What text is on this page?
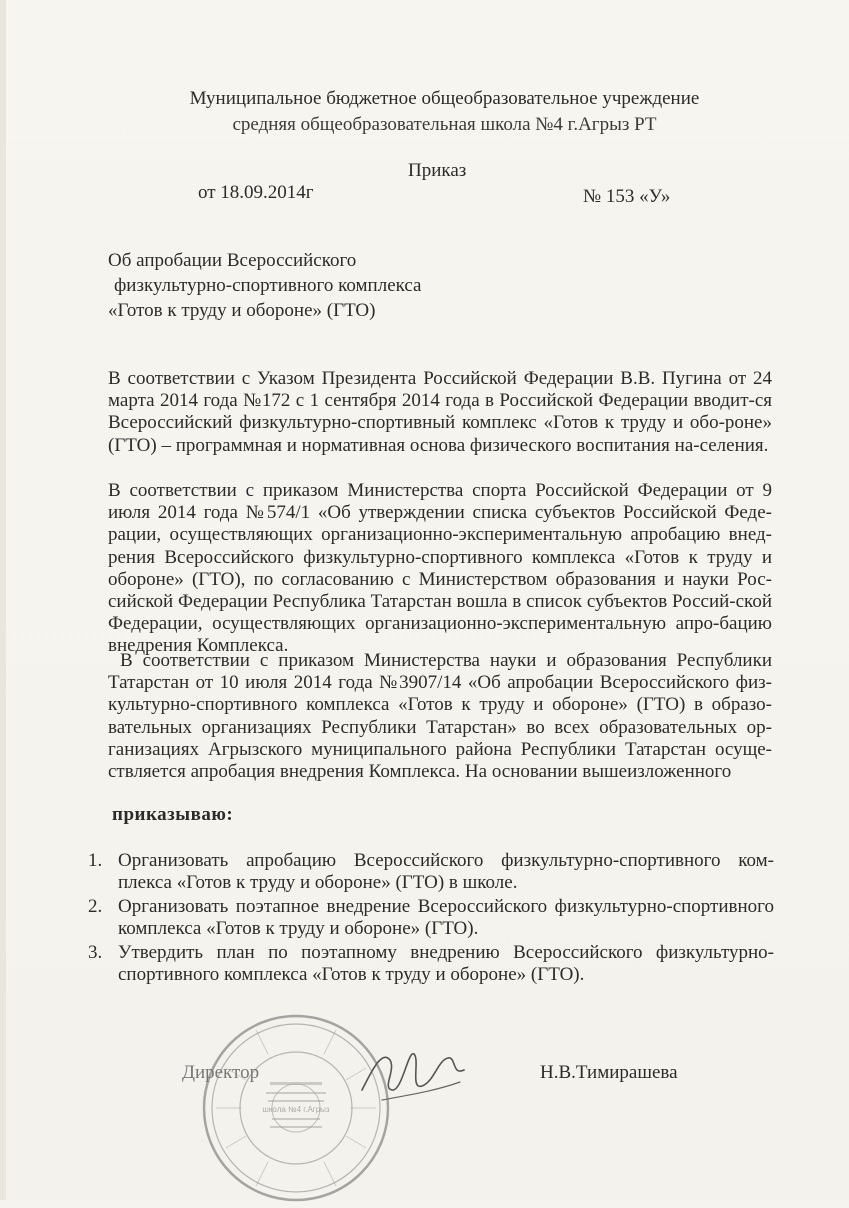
Муниципальное бюджетное общеобразовательное учреждение
средняя общеобразовательная школа №4 г.Агрыз РТ
Приказ
от 18.09.2014г	№ 153 «У»
Об апробации Всероссийского
физкультурно-спортивного комплекса
«Готов к труду и обороне» (ГТО)
В соответствии с Указом Президента Российской Федерации В.В. Пугина от 24 марта 2014 года №172 с 1 сентября 2014 года в Российской Федерации вводит-ся Всероссийский физкультурно-спортивный комплекс «Готов к труду и обо-роне» (ГТО) – программная и нормативная основа физического воспитания на-селения.
В соответствии с приказом Министерства спорта Российской Федерации от 9 июля 2014 года №574/1 «Об утверждении списка субъектов Российской Феде-рации, осуществляющих организационно-экспериментальную апробацию внед-рения Всероссийского физкультурно-спортивного комплекса «Готов к труду и обороне» (ГТО), по согласованию с Министерством образования и науки Рос-сийской Федерации Республика Татарстан вошла в список субъектов Россий-ской Федерации, осуществляющих организационно-экспериментальную апро-бацию внедрения Комплекса.
В соответствии с приказом Министерства науки и образования Республики Татарстан от 10 июля 2014 года №3907/14 «Об апробации Всероссийского физ-культурно-спортивного комплекса «Готов к труду и обороне» (ГТО) в образо-вательных организациях Республики Татарстан» во всех образовательных ор-ганизациях Агрызского муниципального района Республики Татарстан осуще-ствляется апробация внедрения Комплекса. На основании вышеизложенного
приказываю:
1. Организовать апробацию Всероссийского физкультурно-спортивного ком-плекса «Готов к труду и обороне» (ГТО) в школе.
2. Организовать поэтапное внедрение Всероссийского физкультурно-спортивного комплекса «Готов к труду и обороне» (ГТО).
3. Утвердить план по поэтапному внедрению Всероссийского физкультурно-спортивного комплекса «Готов к труду и обороне» (ГТО).
школа №4 г.Агрыз
Директор	Н.В.Тимирашева
